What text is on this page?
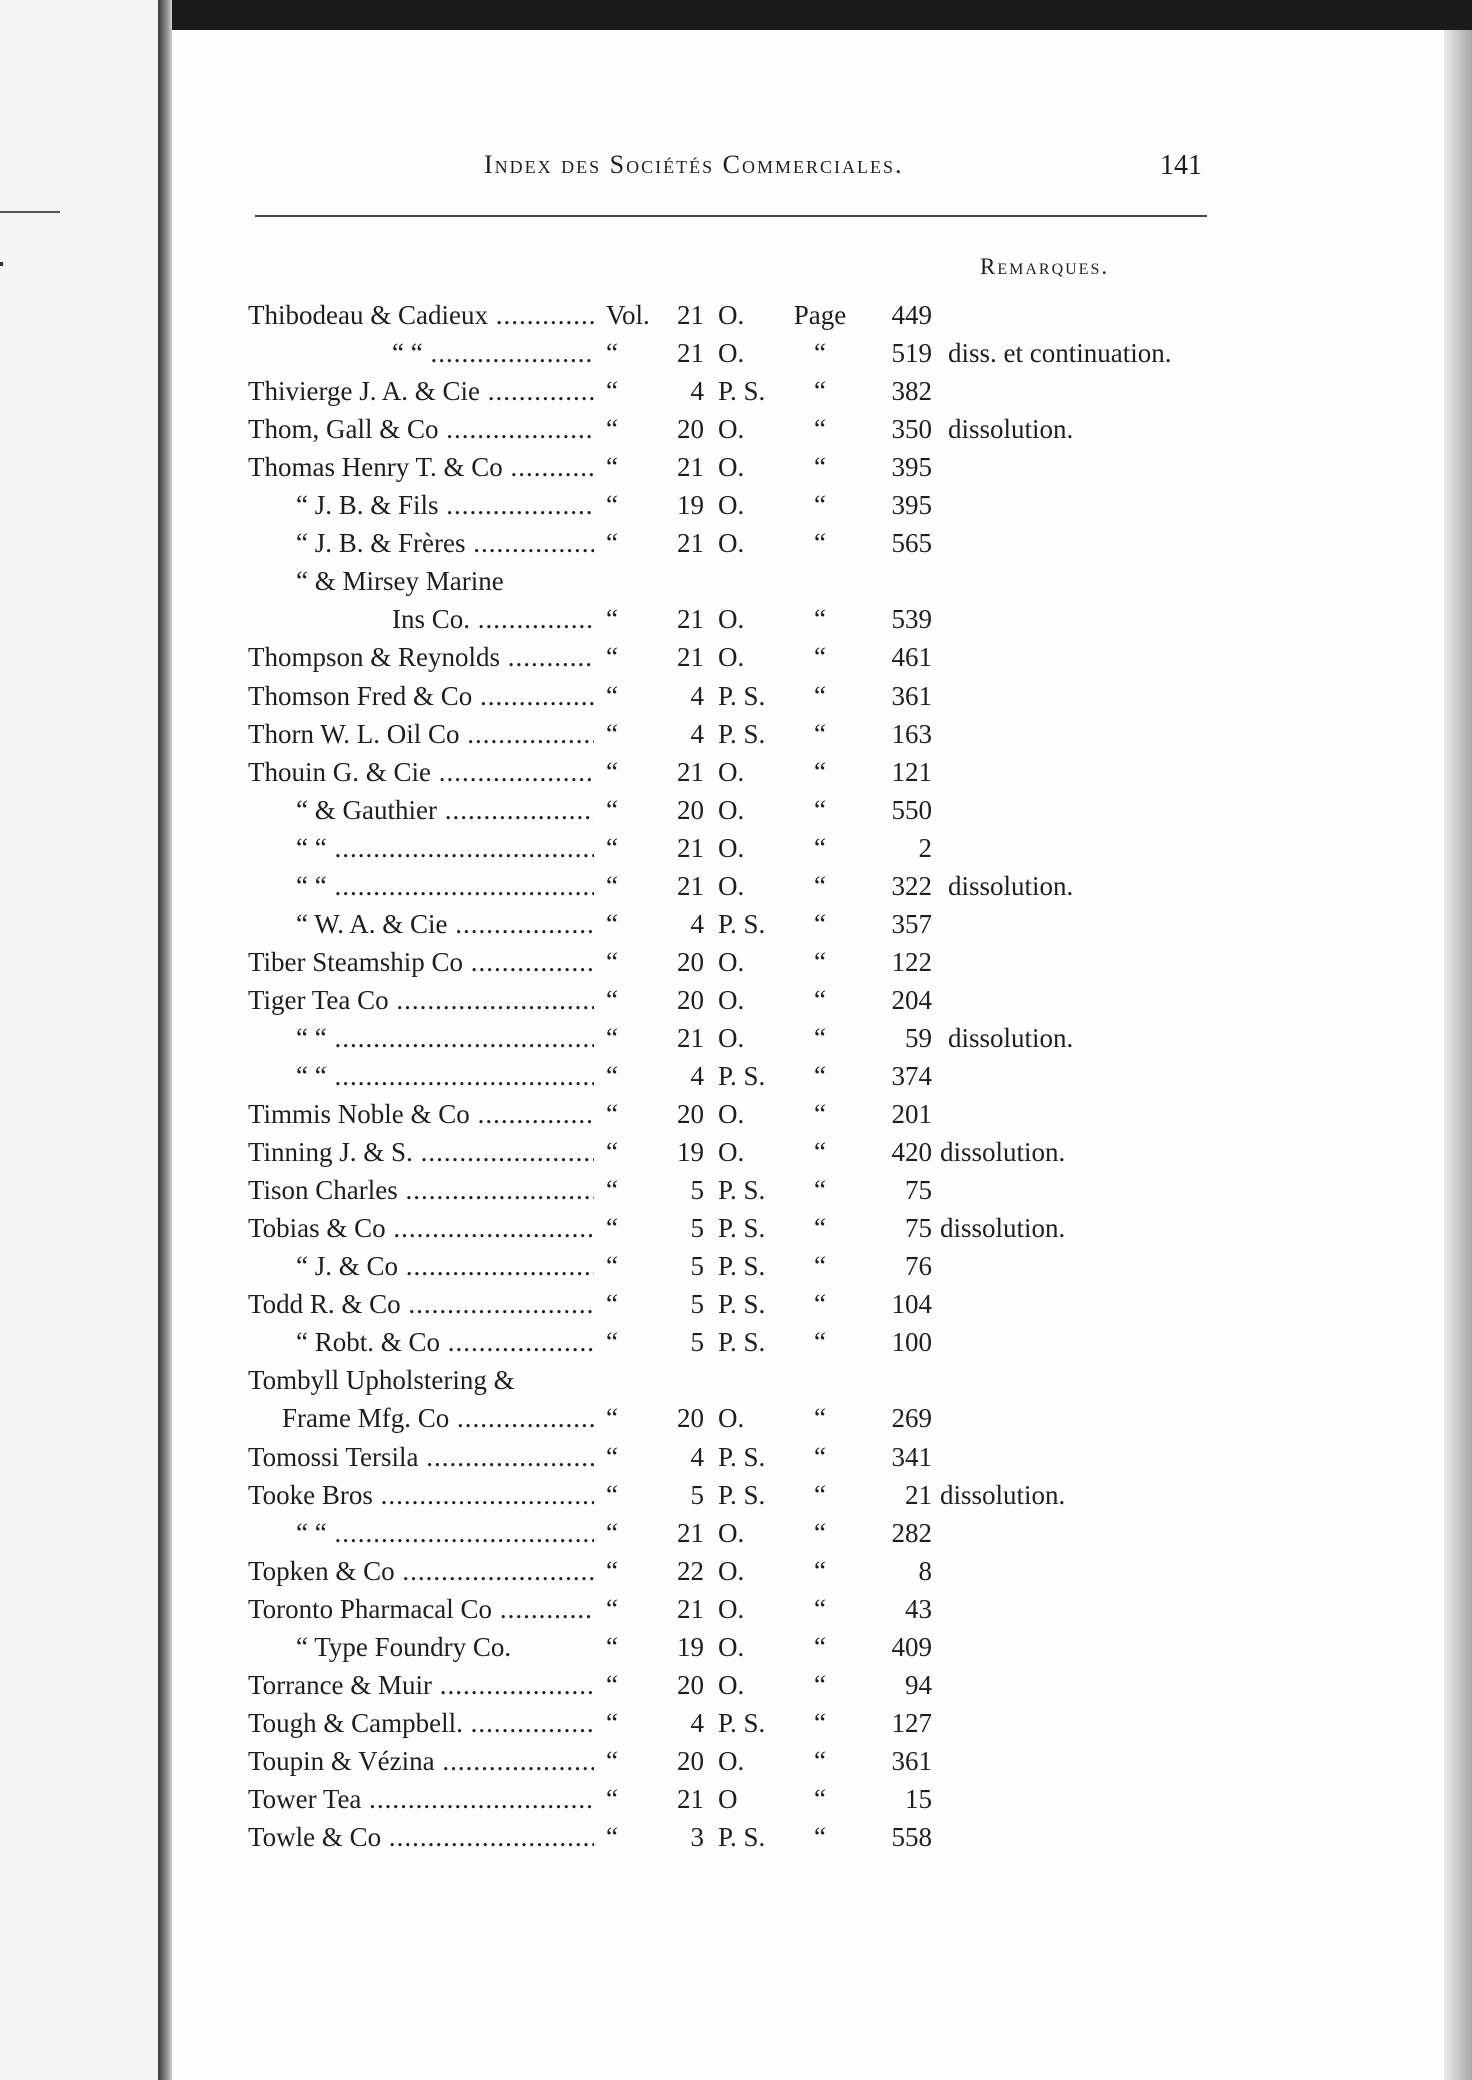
Index des Sociétés Commerciales.	141
Remarques.
Thibodeau & Cadieux .....	Vol.	21 O.	Page	449
“ “ .....	“	21 O.	“	519 diss. et continuation.
Thivierge J. A. & Cie .....	“	4 P. S.	“	382
Thom, Gall & Co .....	“	20 O.	“	350 dissolution.
Thomas Henry T. & Co .....	“	21 O.	“	395
“ J. B. & Fils .....	“	19 O.	“	395
“ J. B. & Frères .....	“	21 O.	“	565
“ & Mirsey Marine
Ins Co. .....	“	21 O.	“	539
Thompson & Reynolds .....	“	21 O.	“	461
Thomson Fred & Co .....	“	4 P. S.	“	361
Thorn W. L. Oil Co .....	“	4 P. S.	“	163
Thouin G. & Cie .....	“	21 O.	“	121
“ & Gauthier .....	“	20 O.	“	550
“ “ .....	“	21 O.	“	2
“ “ .....	“	21 O.	“	322 dissolution.
“ W. A. & Cie .....	“	4 P. S.	“	357
Tiber Steamship Co .....	“	20 O.	“	122
Tiger Tea Co .....	“	20 O.	“	204
“ “ .....	“	21 O.	“	59 dissolution.
“ “ .....	“	4 P. S.	“	374
Timmis Noble & Co .....	“	20 O.	“	201
Tinning J. & S. .....	“	19 O.	“	420 dissolution.
Tison Charles .....	“	5 P. S.	“	75
Tobias & Co .....	“	5 P. S.	“	75 dissolution.
“ J. & Co .....	“	5 P. S.	“	76
Todd R. & Co .....	“	5 P. S.	“	104
“ Robt. & Co .....	“	5 P. S.	“	100
Tombyll Upholstering &
Frame Mfg. Co .....	“	20 O.	“	269
Tomossi Tersila .....	“	4 P. S.	“	341
Tooke Bros .....	“	5 P. S.	“	21 dissolution.
“ “ .....	“	21 O.	“	282
Topken & Co .....	“	22 O.	“	8
Toronto Pharmacal Co .....	“	21 O.	“	43
“ Type Foundry Co.	“	19 O.	“	409
Torrance & Muir .....	“	20 O.	“	94
Tough & Campbell. .....	“	4 P. S.	“	127
Toupin & Vézina .....	“	20 O.	“	361
Tower Tea .....	“	21 O	“	15
Towle & Co .....	“	3 P. S.	“	558
